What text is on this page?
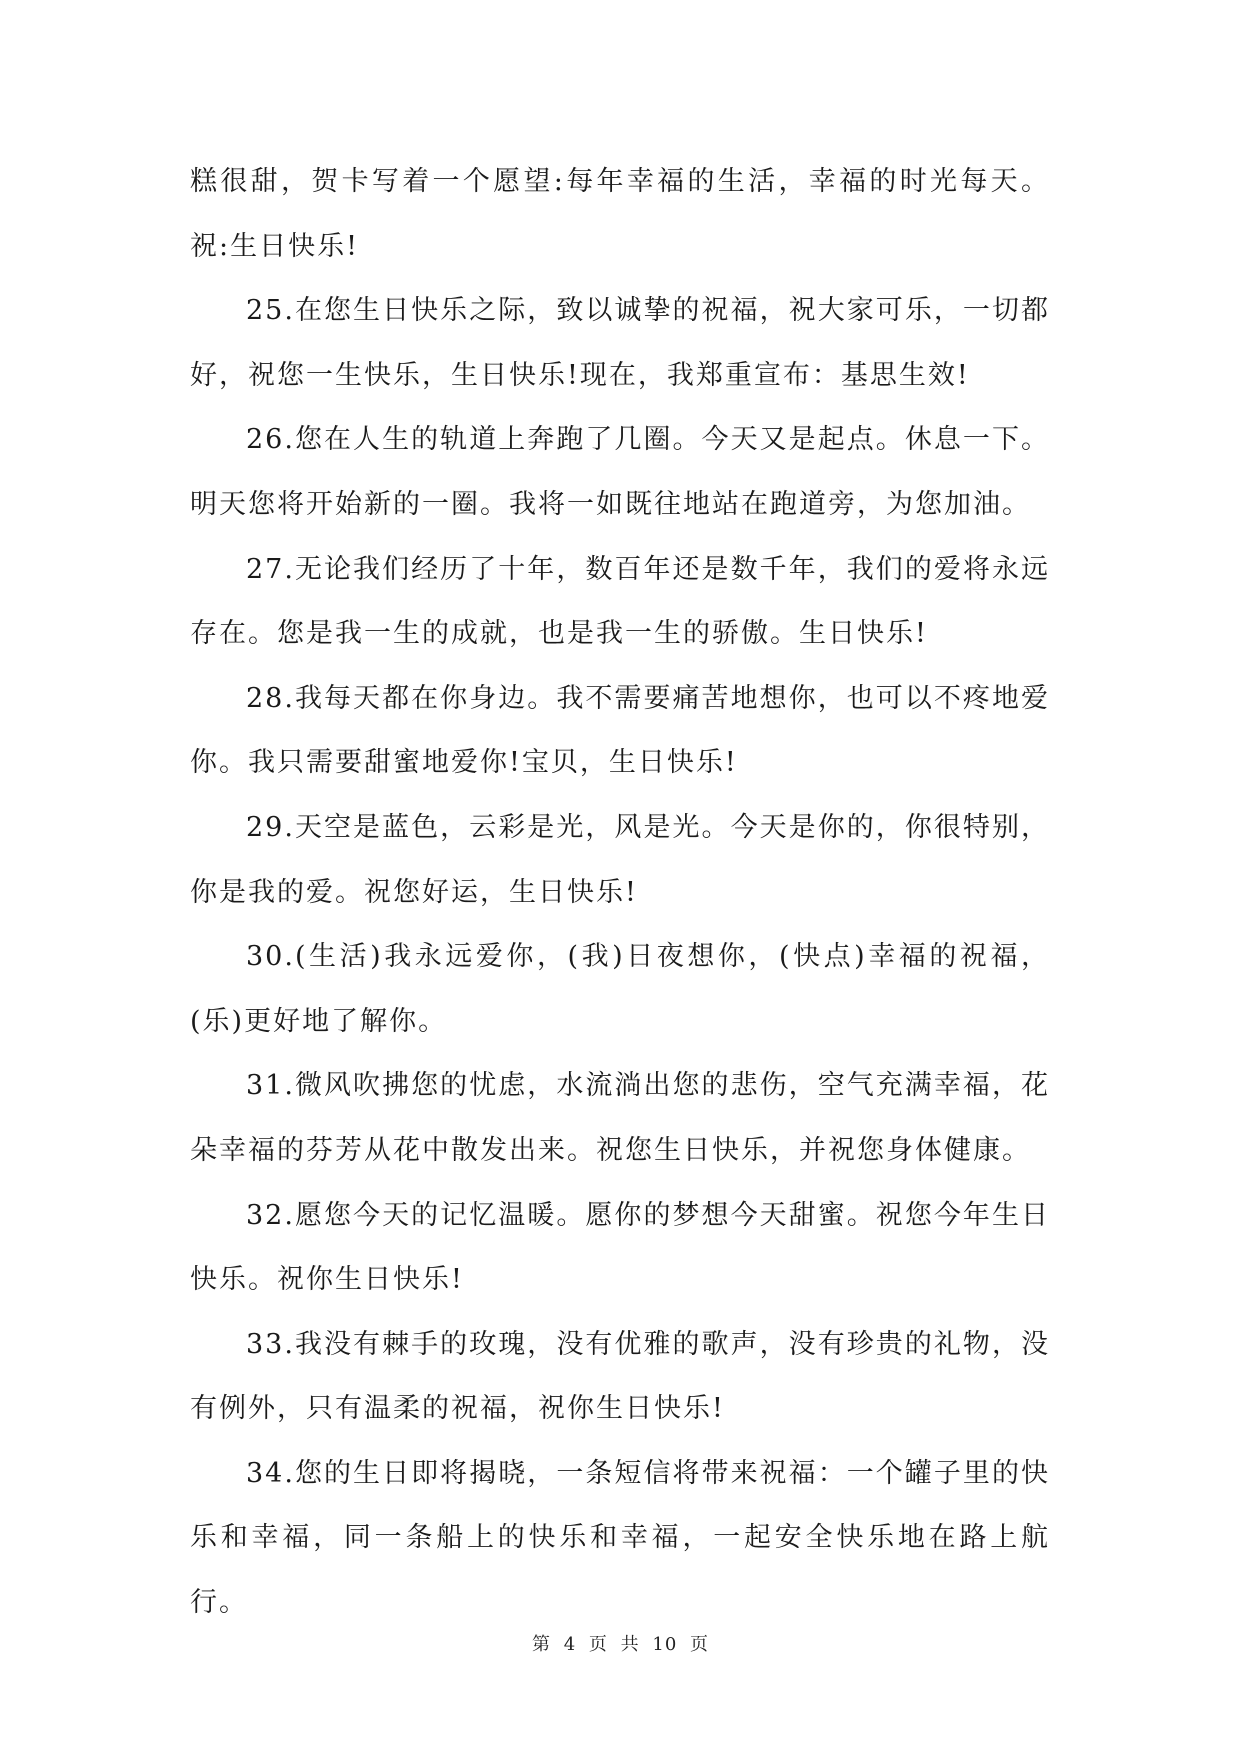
糕很甜，贺卡写着一个愿望:每年幸福的生活，幸福的时光每天。祝:生日快乐!

25.在您生日快乐之际，致以诚挚的祝福，祝大家可乐，一切都好，祝您一生快乐，生日快乐!现在，我郑重宣布：基思生效!

26.您在人生的轨道上奔跑了几圈。今天又是起点。休息一下。明天您将开始新的一圈。我将一如既往地站在跑道旁，为您加油。

27.无论我们经历了十年，数百年还是数千年，我们的爱将永远存在。您是我一生的成就，也是我一生的骄傲。生日快乐!

28.我每天都在你身边。我不需要痛苦地想你，也可以不疼地爱你。我只需要甜蜜地爱你!宝贝，生日快乐!

29.天空是蓝色，云彩是光，风是光。今天是你的，你很特别，你是我的爱。祝您好运，生日快乐!

30.(生活)我永远爱你，(我)日夜想你，(快点)幸福的祝福，(乐)更好地了解你。

31.微风吹拂您的忧虑，水流淌出您的悲伤，空气充满幸福，花朵幸福的芬芳从花中散发出来。祝您生日快乐，并祝您身体健康。

32.愿您今天的记忆温暖。愿你的梦想今天甜蜜。祝您今年生日快乐。祝你生日快乐!

33.我没有棘手的玫瑰，没有优雅的歌声，没有珍贵的礼物，没有例外，只有温柔的祝福，祝你生日快乐!

34.您的生日即将揭晓，一条短信将带来祝福：一个罐子里的快乐和幸福，同一条船上的快乐和幸福，一起安全快乐地在路上航行。

第 4 页 共 10 页
